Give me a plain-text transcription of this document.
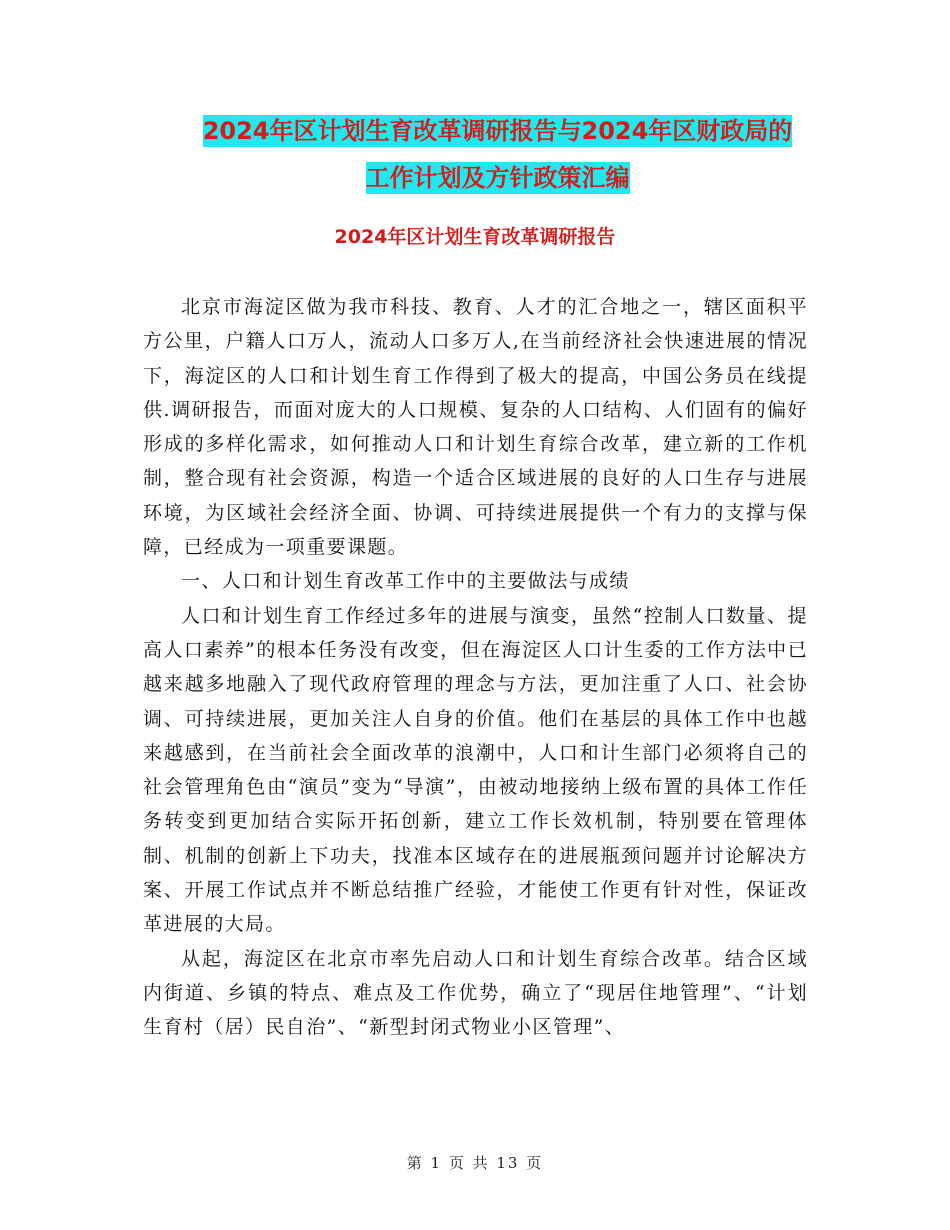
2024年区计划生育改革调研报告与2024年区财政局的
工作计划及方针政策汇编
2024年区计划生育改革调研报告

北京市海淀区做为我市科技、教育、人才的汇合地之一，辖区面积平方公里，户籍人口万人，流动人口多万人,在当前经济社会快速进展的情况下，海淀区的人口和计划生育工作得到了极大的提高，中国公务员在线提供.调研报告，而面对庞大的人口规模、复杂的人口结构、人们固有的偏好形成的多样化需求，如何推动人口和计划生育综合改革，建立新的工作机制，整合现有社会资源，构造一个适合区域进展的良好的人口生存与进展环境，为区域社会经济全面、协调、可持续进展提供一个有力的支撑与保障，已经成为一项重要课题。

一、人口和计划生育改革工作中的主要做法与成绩

人口和计划生育工作经过多年的进展与演变，虽然“控制人口数量、提高人口素养”的根本任务没有改变，但在海淀区人口计生委的工作方法中已越来越多地融入了现代政府管理的理念与方法，更加注重了人口、社会协调、可持续进展，更加关注人自身的价值。他们在基层的具体工作中也越来越感到，在当前社会全面改革的浪潮中，人口和计生部门必须将自己的社会管理角色由“演员”变为“导演”，由被动地接纳上级布置的具体工作任务转变到更加结合实际开拓创新，建立工作长效机制，特别要在管理体制、机制的创新上下功夫，找准本区域存在的进展瓶颈问题并讨论解决方案、开展工作试点并不断总结推广经验，才能使工作更有针对性，保证改革进展的大局。

从起，海淀区在北京市率先启动人口和计划生育综合改革。结合区域内街道、乡镇的特点、难点及工作优势，确立了“现居住地管理”、“计划生育村（居）民自治”、“新型封闭式物业小区管理”、

第 1 页 共 13 页
